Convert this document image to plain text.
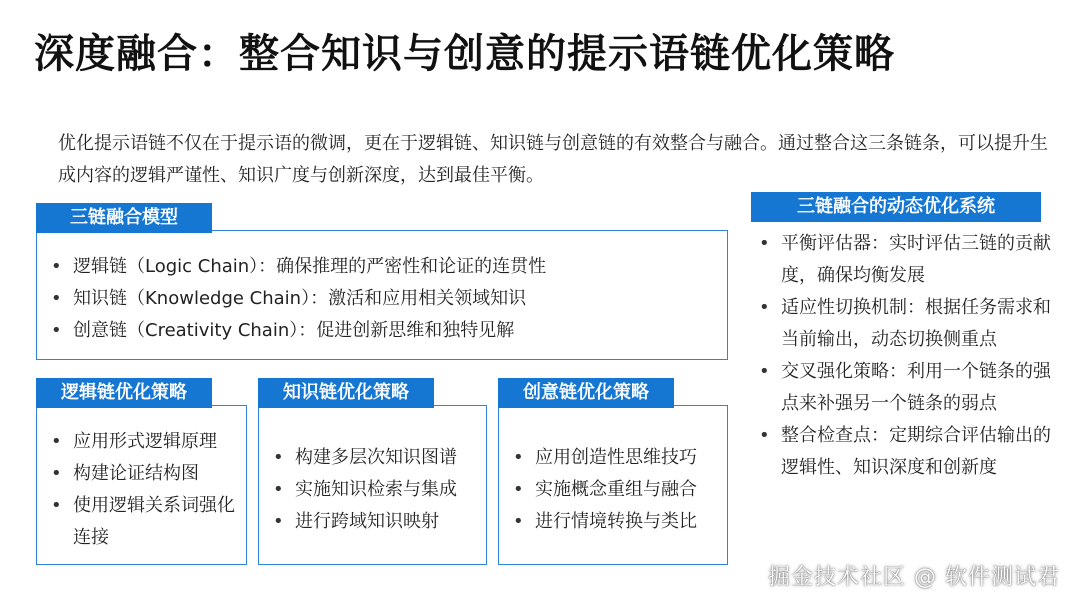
深度融合：整合知识与创意的提示语链优化策略
优化提示语链不仅在于提示语的微调，更在于逻辑链、知识链与创意链的有效整合与融合。通过整合这三条链条，可以提升生成内容的逻辑严谨性、知识广度与创新深度，达到最佳平衡。
• 逻辑链（Logic Chain）：确保推理的严密性和论证的连贯性
• 知识链（Knowledge Chain）：激活和应用相关领域知识
• 创意链（Creativity Chain）：促进创新思维和独特见解
三链融合模型
• 应用形式逻辑原理
• 构建论证结构图
• 使用逻辑关系词强化连接
逻辑链优化策略
• 构建多层次知识图谱
• 实施知识检索与集成
• 进行跨域知识映射
知识链优化策略
• 应用创造性思维技巧
• 实施概念重组与融合
• 进行情境转换与类比
创意链优化策略
三链融合的动态优化系统
• 平衡评估器：实时评估三链的贡献度，确保均衡发展
• 适应性切换机制：根据任务需求和当前输出，动态切换侧重点
• 交叉强化策略：利用一个链条的强点来补强另一个链条的弱点
• 整合检查点：定期综合评估输出的逻辑性、知识深度和创新度
掘金技术社区 @ 软件测试君
